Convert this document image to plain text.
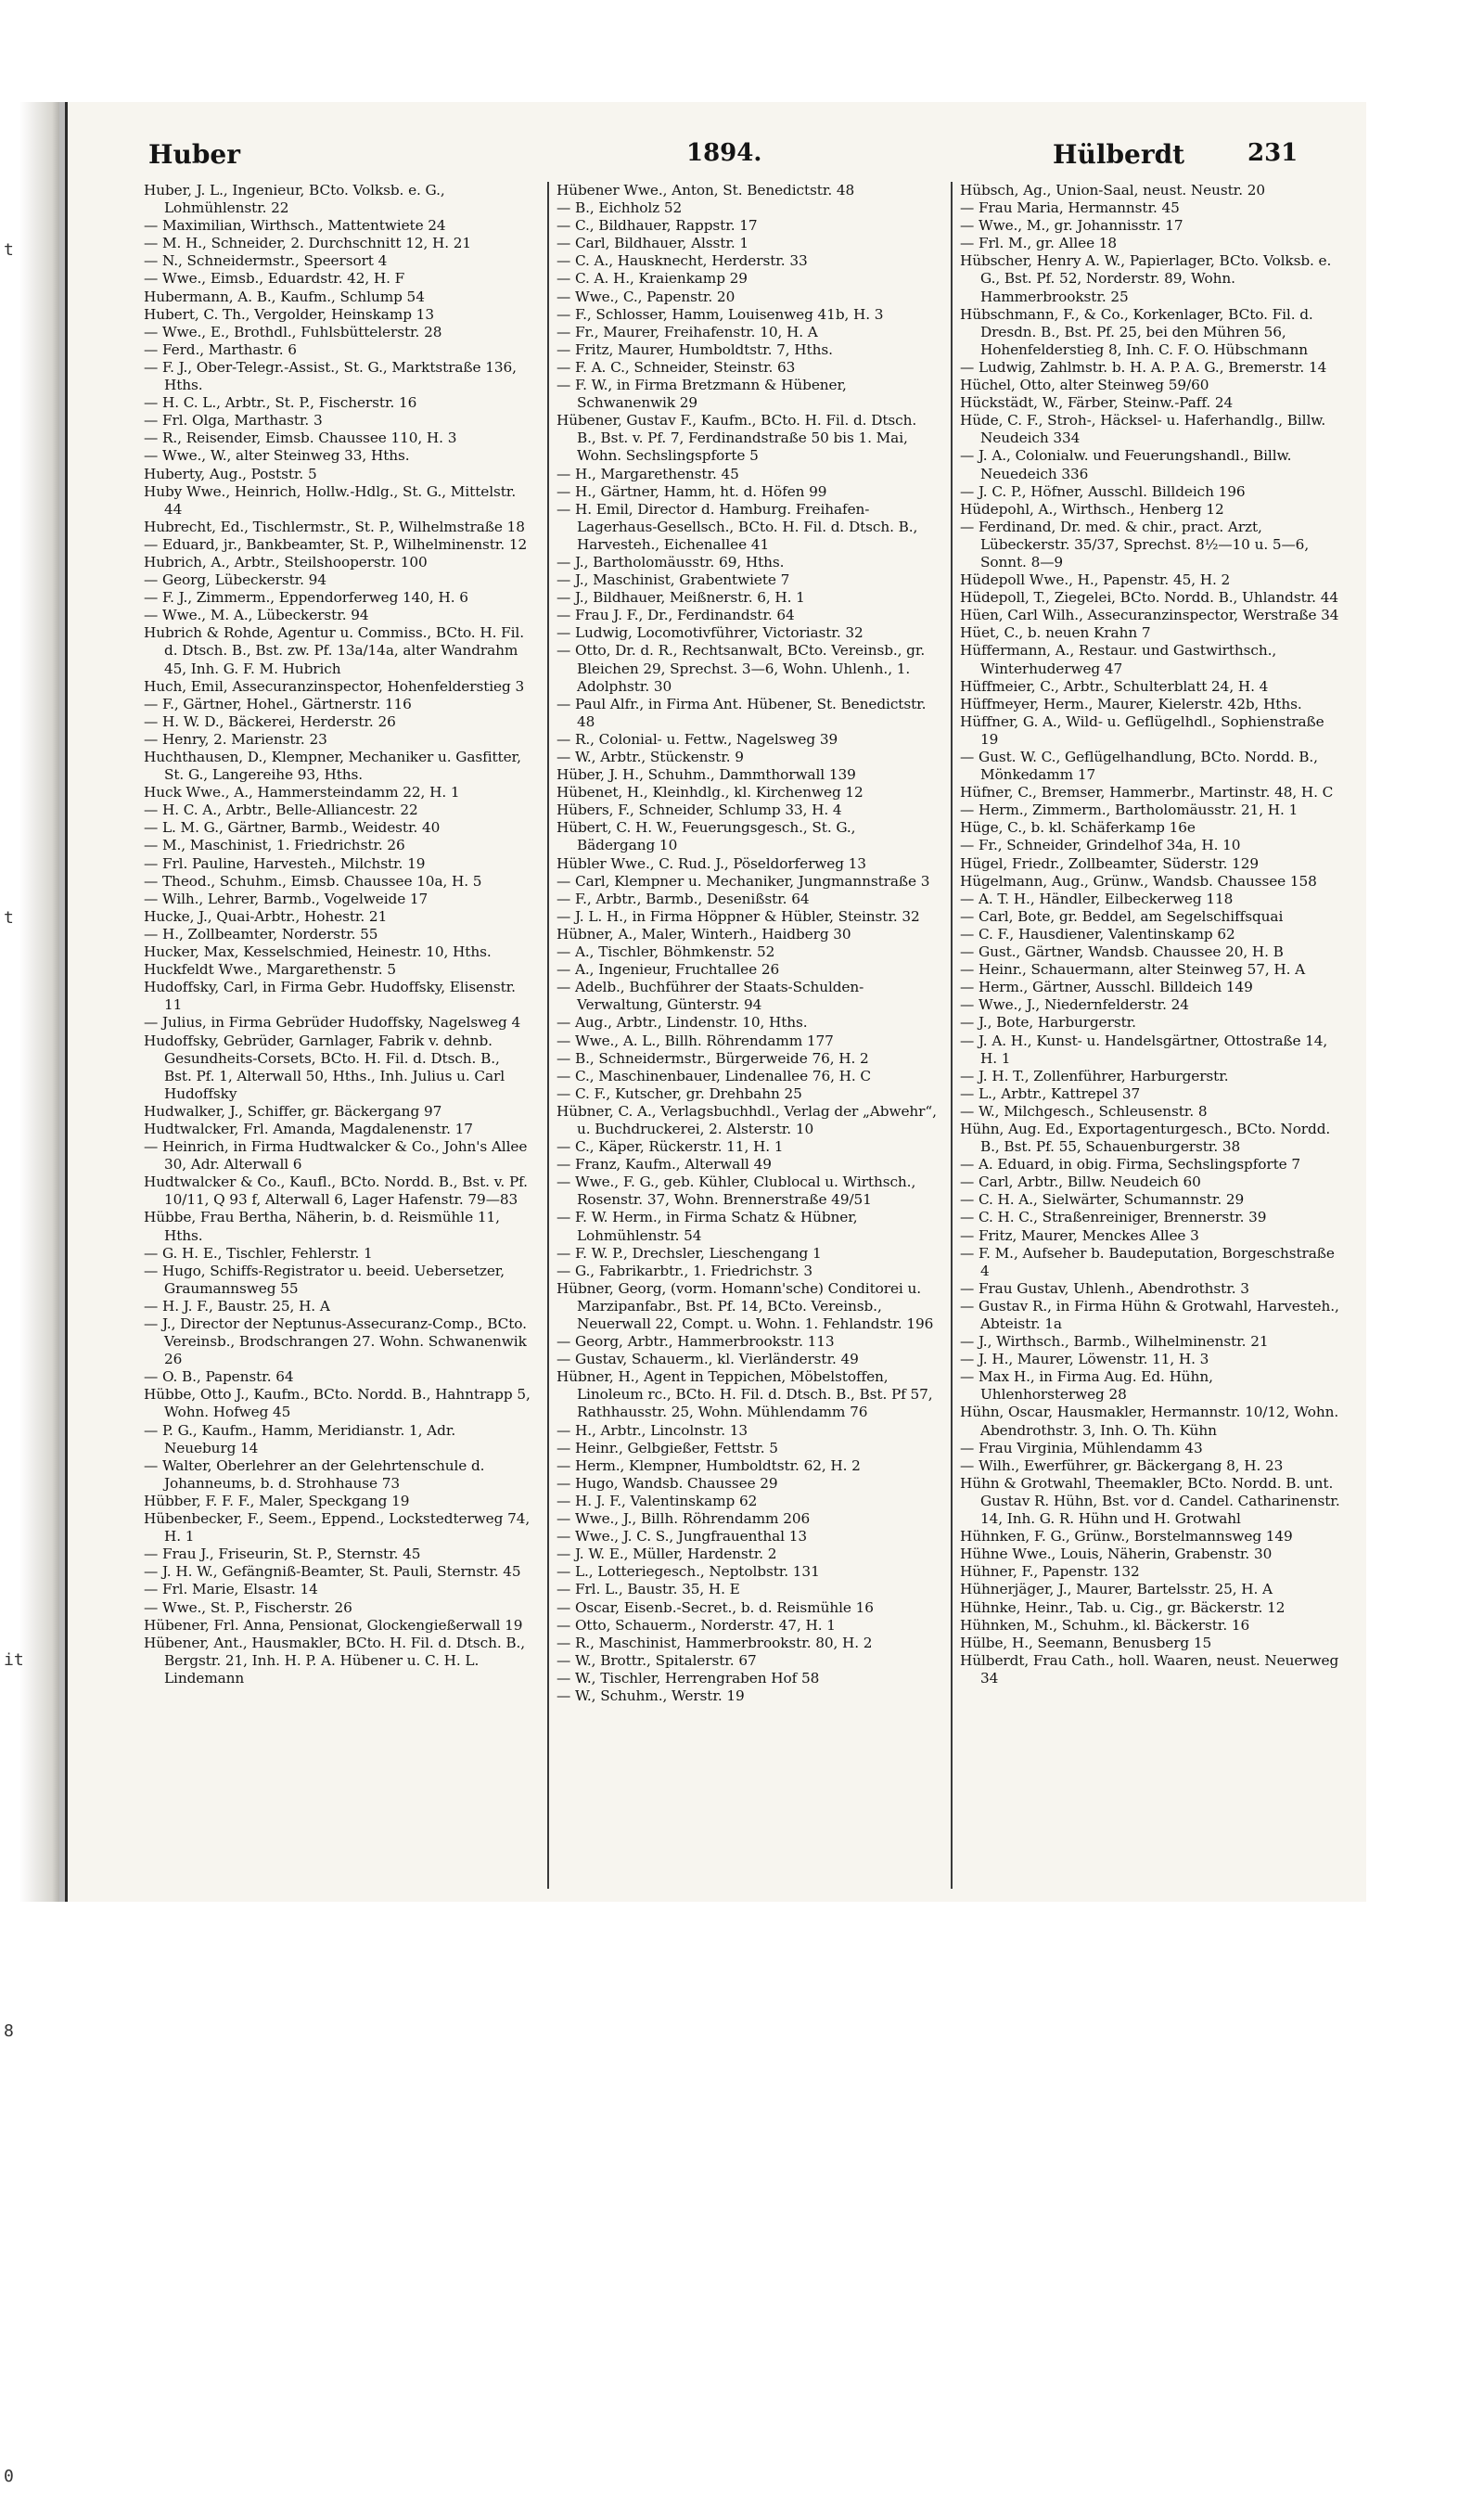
t

t

it

8

0
Huber	1894.	Hülberdt	231

Huber, J. L., Ingenieur, BCto. Volksb. e. G., Lohmühlenstr. 22

— Maximilian, Wirthsch., Mattentwiete 24

— M. H., Schneider, 2. Durchschnitt 12, H. 21

— N., Schneidermstr., Speersort 4

— Wwe., Eimsb., Eduardstr. 42, H. F

Hubermann, A. B., Kaufm., Schlump 54

Hubert, C. Th., Vergolder, Heinskamp 13

— Wwe., E., Brothdl., Fuhlsbüttelerstr. 28

— Ferd., Marthastr. 6

— F. J., Ober-Telegr.-Assist., St. G., Marktstraße 136, Hths.

— H. C. L., Arbtr., St. P., Fischerstr. 16

— Frl. Olga, Marthastr. 3

— R., Reisender, Eimsb. Chaussee 110, H. 3

— Wwe., W., alter Steinweg 33, Hths.

Huberty, Aug., Poststr. 5

Huby Wwe., Heinrich, Hollw.-Hdlg., St. G., Mittelstr. 44

Hubrecht, Ed., Tischlermstr., St. P., Wilhelmstraße 18

— Eduard, jr., Bankbeamter, St. P., Wilhelminenstr. 12

Hubrich, A., Arbtr., Steilshooperstr. 100

— Georg, Lübeckerstr. 94

— F. J., Zimmerm., Eppendorferweg 140, H. 6

— Wwe., M. A., Lübeckerstr. 94

Hubrich & Rohde, Agentur u. Commiss., BCto. H. Fil. d. Dtsch. B., Bst. zw. Pf. 13a/14a, alter Wandrahm 45, Inh. G. F. M. Hubrich

Huch, Emil, Assecuranzinspector, Hohenfelderstieg 3

— F., Gärtner, Hohel., Gärtnerstr. 116

— H. W. D., Bäckerei, Herderstr. 26

— Henry, 2. Marienstr. 23

Huchthausen, D., Klempner, Mechaniker u. Gasfitter, St. G., Langereihe 93, Hths.

Huck Wwe., A., Hammersteindamm 22, H. 1

— H. C. A., Arbtr., Belle-Alliancestr. 22

— L. M. G., Gärtner, Barmb., Weidestr. 40

— M., Maschinist, 1. Friedrichstr. 26

— Frl. Pauline, Harvesteh., Milchstr. 19

— Theod., Schuhm., Eimsb. Chaussee 10a, H. 5

— Wilh., Lehrer, Barmb., Vogelweide 17

Hucke, J., Quai-Arbtr., Hohestr. 21

— H., Zollbeamter, Norderstr. 55

Hucker, Max, Kesselschmied, Heinestr. 10, Hths.

Huckfeldt Wwe., Margarethenstr. 5

Hudoffsky, Carl, in Firma Gebr. Hudoffsky, Elisenstr. 11

— Julius, in Firma Gebrüder Hudoffsky, Nagelsweg 4

Hudoffsky, Gebrüder, Garnlager, Fabrik v. dehnb. Gesundheits-Corsets, BCto. H. Fil. d. Dtsch. B., Bst. Pf. 1, Alterwall 50, Hths., Inh. Julius u. Carl Hudoffsky

Hudwalker, J., Schiffer, gr. Bäckergang 97

Hudtwalcker, Frl. Amanda, Magdalenenstr. 17

— Heinrich, in Firma Hudtwalcker & Co., John's Allee 30, Adr. Alterwall 6

Hudtwalcker & Co., Kaufl., BCto. Nordd. B., Bst. v. Pf. 10/11, Q 93 f, Alterwall 6, Lager Hafenstr. 79—83

Hübbe, Frau Bertha, Näherin, b. d. Reismühle 11, Hths.

— G. H. E., Tischler, Fehlerstr. 1

— Hugo, Schiffs-Registrator u. beeid. Uebersetzer, Graumannsweg 55

— H. J. F., Baustr. 25, H. A

— J., Director der Neptunus-Assecuranz-Comp., BCto. Vereinsb., Brodschrangen 27. Wohn. Schwanenwik 26

— O. B., Papenstr. 64

Hübbe, Otto J., Kaufm., BCto. Nordd. B., Hahntrapp 5, Wohn. Hofweg 45

— P. G., Kaufm., Hamm, Meridianstr. 1, Adr. Neueburg 14

— Walter, Oberlehrer an der Gelehrtenschule d. Johanneums, b. d. Strohhause 73

Hübber, F. F. F., Maler, Speckgang 19

Hübenbecker, F., Seem., Eppend., Lockstedterweg 74, H. 1

— Frau J., Friseurin, St. P., Sternstr. 45

— J. H. W., Gefängniß-Beamter, St. Pauli, Sternstr. 45

— Frl. Marie, Elsastr. 14

— Wwe., St. P., Fischerstr. 26

Hübener, Frl. Anna, Pensionat, Glockengießerwall 19

Hübener, Ant., Hausmakler, BCto. H. Fil. d. Dtsch. B., Bergstr. 21, Inh. H. P. A. Hübener u. C. H. L. Lindemann

Hübener Wwe., Anton, St. Benedictstr. 48

— B., Eichholz 52

— C., Bildhauer, Rappstr. 17

— Carl, Bildhauer, Alsstr. 1

— C. A., Hausknecht, Herderstr. 33

— C. A. H., Kraienkamp 29

— Wwe., C., Papenstr. 20

— F., Schlosser, Hamm, Louisenweg 41b, H. 3

— Fr., Maurer, Freihafenstr. 10, H. A

— Fritz, Maurer, Humboldtstr. 7, Hths.

— F. A. C., Schneider, Steinstr. 63

— F. W., in Firma Bretzmann & Hübener, Schwanenwik 29

Hübener, Gustav F., Kaufm., BCto. H. Fil. d. Dtsch. B., Bst. v. Pf. 7, Ferdinandstraße 50 bis 1. Mai, Wohn. Sechslingspforte 5

— H., Margarethenstr. 45

— H., Gärtner, Hamm, ht. d. Höfen 99

— H. Emil, Director d. Hamburg. Freihafen-Lagerhaus-Gesellsch., BCto. H. Fil. d. Dtsch. B., Harvesteh., Eichenallee 41

— J., Bartholomäusstr. 69, Hths.

— J., Maschinist, Grabentwiete 7

— J., Bildhauer, Meißnerstr. 6, H. 1

— Frau J. F., Dr., Ferdinandstr. 64

— Ludwig, Locomotivführer, Victoriastr. 32

— Otto, Dr. d. R., Rechtsanwalt, BCto. Vereinsb., gr. Bleichen 29, Sprechst. 3—6, Wohn. Uhlenh., 1. Adolphstr. 30

— Paul Alfr., in Firma Ant. Hübener, St. Benedictstr. 48

— R., Colonial- u. Fettw., Nagelsweg 39

— W., Arbtr., Stückenstr. 9

Hüber, J. H., Schuhm., Dammthorwall 139

Hübenet, H., Kleinhdlg., kl. Kirchenweg 12

Hübers, F., Schneider, Schlump 33, H. 4

Hübert, C. H. W., Feuerungsgesch., St. G., Bädergang 10

Hübler Wwe., C. Rud. J., Pöseldorferweg 13

— Carl, Klempner u. Mechaniker, Jungmannstraße 3

— F., Arbtr., Barmb., Desenißstr. 64

— J. L. H., in Firma Höppner & Hübler, Steinstr. 32

Hübner, A., Maler, Winterh., Haidberg 30

— A., Tischler, Böhmkenstr. 52

— A., Ingenieur, Fruchtallee 26

— Adelb., Buchführer der Staats-Schulden-Verwaltung, Günterstr. 94

— Aug., Arbtr., Lindenstr. 10, Hths.

— Wwe., A. L., Billh. Röhrendamm 177

— B., Schneidermstr., Bürgerweide 76, H. 2

— C., Maschinenbauer, Lindenallee 76, H. C

— C. F., Kutscher, gr. Drehbahn 25

Hübner, C. A., Verlagsbuchhdl., Verlag der „Abwehr“, u. Buchdruckerei, 2. Alsterstr. 10

— C., Käper, Rückerstr. 11, H. 1

— Franz, Kaufm., Alterwall 49

— Wwe., F. G., geb. Kühler, Clublocal u. Wirthsch., Rosenstr. 37, Wohn. Brennerstraße 49/51

— F. W. Herm., in Firma Schatz & Hübner, Lohmühlenstr. 54

— F. W. P., Drechsler, Lieschengang 1

— G., Fabrikarbtr., 1. Friedrichstr. 3

Hübner, Georg, (vorm. Homann'sche) Conditorei u. Marzipanfabr., Bst. Pf. 14, BCto. Vereinsb., Neuerwall 22, Compt. u. Wohn. 1. Fehlandstr. 196

— Georg, Arbtr., Hammerbrookstr. 113

— Gustav, Schauerm., kl. Vierländerstr. 49

Hübner, H., Agent in Teppichen, Möbelstoffen, Linoleum rc., BCto. H. Fil. d. Dtsch. B., Bst. Pf 57, Rathhausstr. 25, Wohn. Mühlendamm 76

— H., Arbtr., Lincolnstr. 13

— Heinr., Gelbgießer, Fettstr. 5

— Herm., Klempner, Humboldtstr. 62, H. 2

— Hugo, Wandsb. Chaussee 29

— H. J. F., Valentinskamp 62

— Wwe., J., Billh. Röhrendamm 206

— Wwe., J. C. S., Jungfrauenthal 13

— J. W. E., Müller, Hardenstr. 2

— L., Lotteriegesch., Neptolbstr. 131

— Frl. L., Baustr. 35, H. E

— Oscar, Eisenb.-Secret., b. d. Reismühle 16

— Otto, Schauerm., Norderstr. 47, H. 1

— R., Maschinist, Hammerbrookstr. 80, H. 2

— W., Brottr., Spitalerstr. 67

— W., Tischler, Herrengraben Hof 58

— W., Schuhm., Werstr. 19

Hübsch, Ag., Union-Saal, neust. Neustr. 20

— Frau Maria, Hermannstr. 45

— Wwe., M., gr. Johannisstr. 17

— Frl. M., gr. Allee 18

Hübscher, Henry A. W., Papierlager, BCto. Volksb. e. G., Bst. Pf. 52, Norderstr. 89, Wohn. Hammerbrookstr. 25

Hübschmann, F., & Co., Korkenlager, BCto. Fil. d. Dresdn. B., Bst. Pf. 25, bei den Mühren 56, Hohenfelderstieg 8, Inh. C. F. O. Hübschmann

— Ludwig, Zahlmstr. b. H. A. P. A. G., Bremerstr. 14

Hüchel, Otto, alter Steinweg 59/60

Hückstädt, W., Färber, Steinw.-Paff. 24

Hüde, C. F., Stroh-, Häcksel- u. Haferhandlg., Billw. Neudeich 334

— J. A., Colonialw. und Feuerungshandl., Billw. Neuedeich 336

— J. C. P., Höfner, Ausschl. Billdeich 196

Hüdepohl, A., Wirthsch., Henberg 12

— Ferdinand, Dr. med. & chir., pract. Arzt, Lübeckerstr. 35/37, Sprechst. 8½—10 u. 5—6, Sonnt. 8—9

Hüdepoll Wwe., H., Papenstr. 45, H. 2

Hüdepoll, T., Ziegelei, BCto. Nordd. B., Uhlandstr. 44

Hüen, Carl Wilh., Assecuranzinspector, Werstraße 34

Hüet, C., b. neuen Krahn 7

Hüffermann, A., Restaur. und Gastwirthsch., Winterhuderweg 47

Hüffmeier, C., Arbtr., Schulterblatt 24, H. 4

Hüffmeyer, Herm., Maurer, Kielerstr. 42b, Hths.

Hüffner, G. A., Wild- u. Geflügelhdl., Sophienstraße 19

— Gust. W. C., Geflügelhandlung, BCto. Nordd. B., Mönkedamm 17

Hüfner, C., Bremser, Hammerbr., Martinstr. 48, H. C

— Herm., Zimmerm., Bartholomäusstr. 21, H. 1

Hüge, C., b. kl. Schäferkamp 16e

— Fr., Schneider, Grindelhof 34a, H. 10

Hügel, Friedr., Zollbeamter, Süderstr. 129

Hügelmann, Aug., Grünw., Wandsb. Chaussee 158

— A. T. H., Händler, Eilbeckerweg 118

— Carl, Bote, gr. Beddel, am Segelschiffsquai

— C. F., Hausdiener, Valentinskamp 62

— Gust., Gärtner, Wandsb. Chaussee 20, H. B

— Heinr., Schauermann, alter Steinweg 57, H. A

— Herm., Gärtner, Ausschl. Billdeich 149

— Wwe., J., Niedernfelderstr. 24

— J., Bote, Harburgerstr.

— J. A. H., Kunst- u. Handelsgärtner, Ottostraße 14, H. 1

— J. H. T., Zollenführer, Harburgerstr.

— L., Arbtr., Kattrepel 37

— W., Milchgesch., Schleusenstr. 8

Hühn, Aug. Ed., Exportagenturgesch., BCto. Nordd. B., Bst. Pf. 55, Schauenburgerstr. 38

— A. Eduard, in obig. Firma, Sechslingspforte 7

— Carl, Arbtr., Billw. Neudeich 60

— C. H. A., Sielwärter, Schumannstr. 29

— C. H. C., Straßenreiniger, Brennerstr. 39

— Fritz, Maurer, Menckes Allee 3

— F. M., Aufseher b. Baudeputation, Borgeschstraße 4

— Frau Gustav, Uhlenh., Abendrothstr. 3

— Gustav R., in Firma Hühn & Grotwahl, Harvesteh., Abteistr. 1a

— J., Wirthsch., Barmb., Wilhelminenstr. 21

— J. H., Maurer, Löwenstr. 11, H. 3

— Max H., in Firma Aug. Ed. Hühn, Uhlenhorsterweg 28

Hühn, Oscar, Hausmakler, Hermannstr. 10/12, Wohn. Abendrothstr. 3, Inh. O. Th. Kühn

— Frau Virginia, Mühlendamm 43

— Wilh., Ewerführer, gr. Bäckergang 8, H. 23

Hühn & Grotwahl, Theemakler, BCto. Nordd. B. unt. Gustav R. Hühn, Bst. vor d. Candel. Catharinenstr. 14, Inh. G. R. Hühn und H. Grotwahl

Hühnken, F. G., Grünw., Borstelmannsweg 149

Hühne Wwe., Louis, Näherin, Grabenstr. 30

Hühner, F., Papenstr. 132

Hühnerjäger, J., Maurer, Bartelsstr. 25, H. A

Hühnke, Heinr., Tab. u. Cig., gr. Bäckerstr. 12

Hühnken, M., Schuhm., kl. Bäckerstr. 16

Hülbe, H., Seemann, Benusberg 15

Hülberdt, Frau Cath., holl. Waaren, neust. Neuerweg 34
